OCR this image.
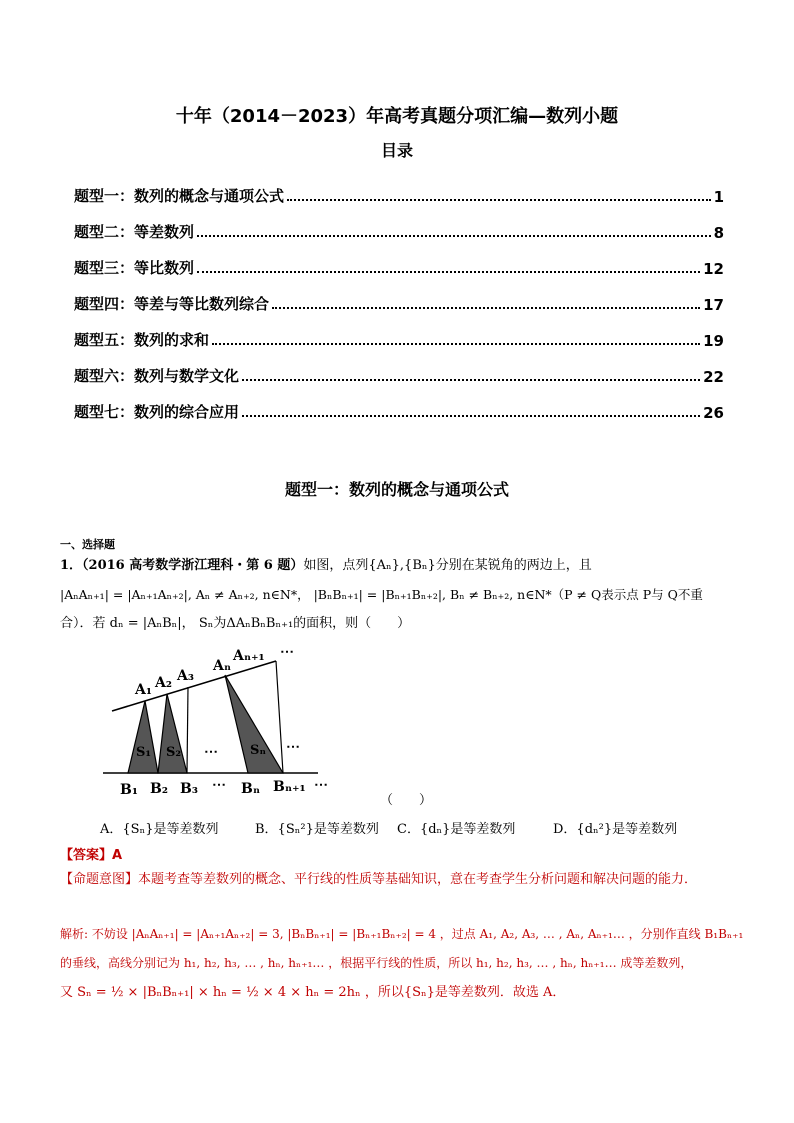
十年（2014－2023）年高考真题分项汇编—数列小题
目录
题型一：数列的概念与通项公式	1
题型二：等差数列	8
题型三：等比数列	12
题型四：等差与等比数列综合	17
题型五：数列的求和	19
题型六：数列与数学文化	22
题型七：数列的综合应用	26
题型一：数列的概念与通项公式
一、选择题
1．（2016 高考数学浙江理科・第 6 题）如图，点列{Aₙ},{Bₙ}分别在某锐角的两边上，且
|AₙAₙ₊₁| = |Aₙ₊₁Aₙ₊₂|, Aₙ ≠ Aₙ₊₂, n∈N*， |BₙBₙ₊₁| = |Bₙ₊₁Bₙ₊₂|, Bₙ ≠ Bₙ₊₂, n∈N*（P ≠ Q表示点 P与 Q不重
合）．若 dₙ = |AₙBₙ|， Sₙ为ΔAₙBₙBₙ₊₁的面积，则（　　）
A₁ A₂ A₃
Aₙ
Aₙ₊₁ ⋯
S₁ S₂	Sₙ
⋯	⋯
B₁ B₂ B₃ ⋯ Bₙ Bₙ₊₁ ⋯
（　　）
A．{Sₙ}是等差数列	B．{Sₙ²}是等差数列	C．{dₙ}是等差数列	D．{dₙ²}是等差数列
【答案】A
【命题意图】本题考查等差数列的概念、平行线的性质等基础知识，意在考查学生分析问题和解决问题的能力．
解析: 不妨设 |AₙAₙ₊₁| = |Aₙ₊₁Aₙ₊₂| = 3, |BₙBₙ₊₁| = |Bₙ₊₁Bₙ₊₂| = 4 ，过点 A₁, A₂, A₃, … , Aₙ, Aₙ₊₁… ，分别作直线 B₁Bₙ₊₁
的垂线，高线分别记为 h₁, h₂, h₃, … , hₙ, hₙ₊₁… ，根据平行线的性质，所以 h₁, h₂, h₃, … , hₙ, hₙ₊₁… 成等差数列，
又 Sₙ = ½ × |BₙBₙ₊₁| × hₙ = ½ × 4 × hₙ = 2hₙ ，所以{Sₙ}是等差数列．故选 A．
